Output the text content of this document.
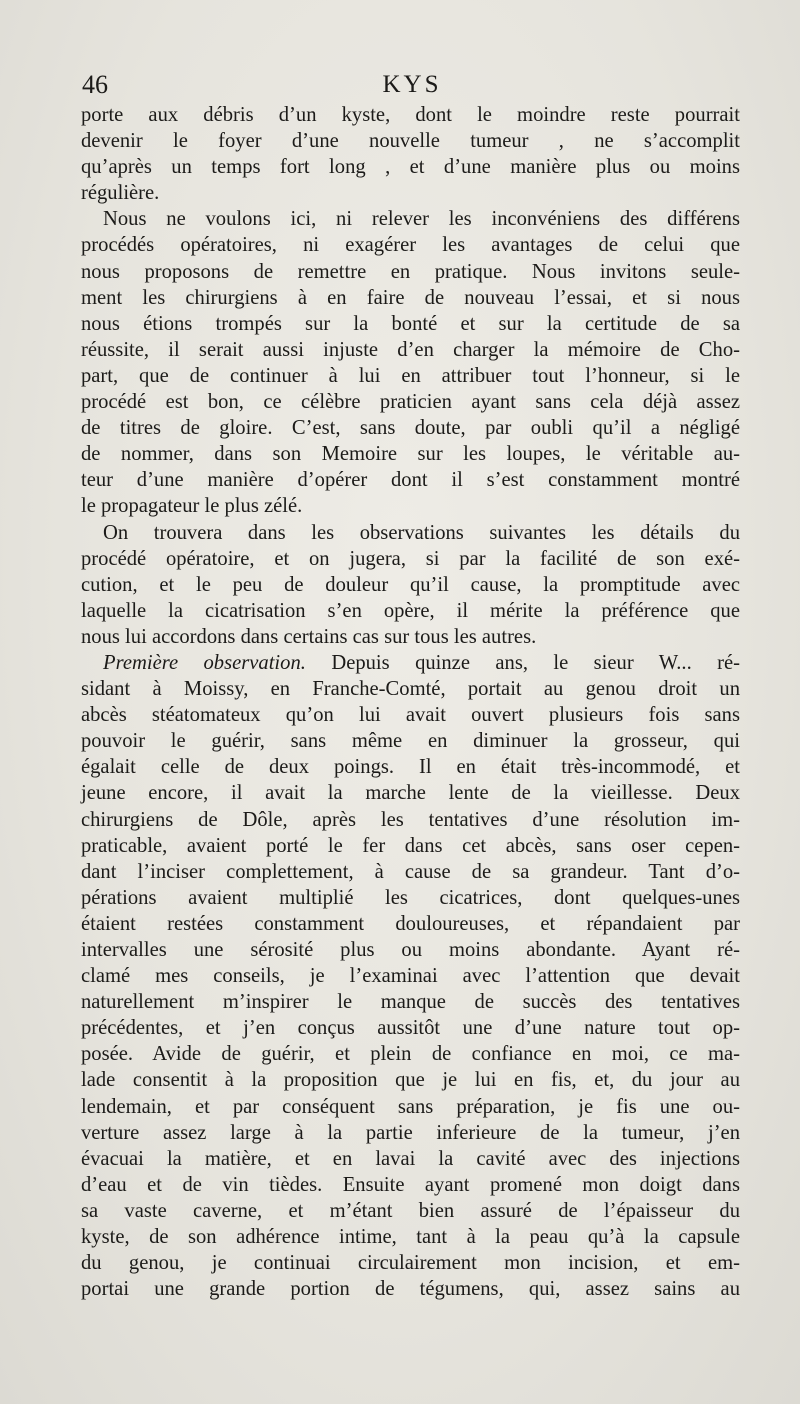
46	KYS
porte aux débris d’un kyste, dont le moindre reste pourrait
devenir le foyer d’une nouvelle tumeur , ne s’accomplit
qu’après un temps fort long , et d’une manière plus ou moins
régulière.
Nous ne voulons ici, ni relever les inconvéniens des différens
procédés opératoires, ni exagérer les avantages de celui que
nous proposons de remettre en pratique. Nous invitons seule-
ment les chirurgiens à en faire de nouveau l’essai, et si nous
nous étions trompés sur la bonté et sur la certitude de sa
réussite, il serait aussi injuste d’en charger la mémoire de Cho-
part, que de continuer à lui en attribuer tout l’honneur, si le
procédé est bon, ce célèbre praticien ayant sans cela déjà assez
de titres de gloire. C’est, sans doute, par oubli qu’il a négligé
de nommer, dans son Memoire sur les loupes, le véritable au-
teur d’une manière d’opérer dont il s’est constamment montré
le propagateur le plus zélé.
On trouvera dans les observations suivantes les détails du
procédé opératoire, et on jugera, si par la facilité de son exé-
cution, et le peu de douleur qu’il cause, la promptitude avec
laquelle la cicatrisation s’en opère, il mérite la préférence que
nous lui accordons dans certains cas sur tous les autres.
Première observation. Depuis quinze ans, le sieur W... ré-
sidant à Moissy, en Franche-Comté, portait au genou droit un
abcès stéatomateux qu’on lui avait ouvert plusieurs fois sans
pouvoir le guérir, sans même en diminuer la grosseur, qui
égalait celle de deux poings. Il en était très-incommodé, et
jeune encore, il avait la marche lente de la vieillesse. Deux
chirurgiens de Dôle, après les tentatives d’une résolution im-
praticable, avaient porté le fer dans cet abcès, sans oser cepen-
dant l’inciser complettement, à cause de sa grandeur. Tant d’o-
pérations avaient multiplié les cicatrices, dont quelques-unes
étaient restées constamment douloureuses, et répandaient par
intervalles une sérosité plus ou moins abondante. Ayant ré-
clamé mes conseils, je l’examinai avec l’attention que devait
naturellement m’inspirer le manque de succès des tentatives
précédentes, et j’en conçus aussitôt une d’une nature tout op-
posée. Avide de guérir, et plein de confiance en moi, ce ma-
lade consentit à la proposition que je lui en fis, et, du jour au
lendemain, et par conséquent sans préparation, je fis une ou-
verture assez large à la partie inferieure de la tumeur, j’en
évacuai la matière, et en lavai la cavité avec des injections
d’eau et de vin tièdes. Ensuite ayant promené mon doigt dans
sa vaste caverne, et m’étant bien assuré de l’épaisseur du
kyste, de son adhérence intime, tant à la peau qu’à la capsule
du genou, je continuai circulairement mon incision, et em-
portai une grande portion de tégumens, qui, assez sains au
